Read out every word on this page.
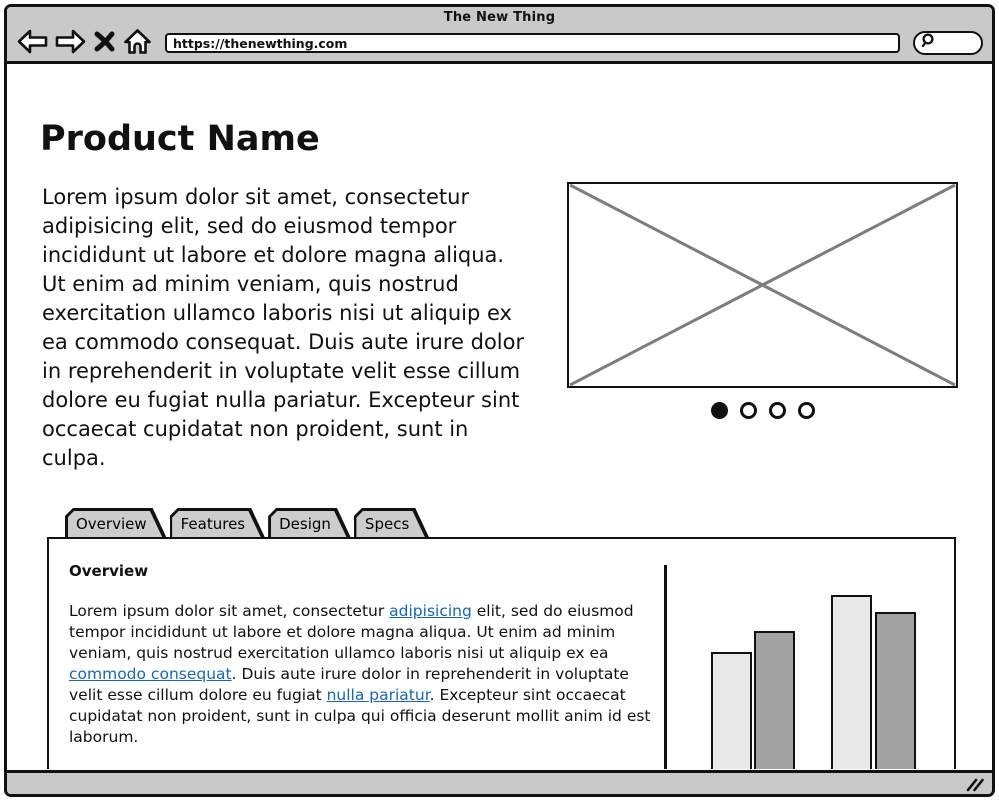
The New Thing
https://thenewthing.com
Product Name

Lorem ipsum dolor sit amet, consectetur adipisicing elit, sed do eiusmod tempor incididunt ut labore et dolore magna aliqua. Ut enim ad minim veniam, quis nostrud exercitation ullamco laboris nisi ut aliquip ex ea commodo consequat. Duis aute irure dolor in reprehenderit in voluptate velit esse cillum dolore eu fugiat nulla pariatur. Excepteur sint occaecat cupidatat non proident, sunt in culpa.

Overview Features Design Specs
Overview

Lorem ipsum dolor sit amet, consectetur adipisicing elit, sed do eiusmod tempor incididunt ut labore et dolore magna aliqua. Ut enim ad minim veniam, quis nostrud exercitation ullamco laboris nisi ut aliquip ex ea commodo consequat. Duis aute irure dolor in reprehenderit in voluptate velit esse cillum dolore eu fugiat nulla pariatur. Excepteur sint occaecat cupidatat non proident, sunt in culpa qui officia deserunt mollit anim id est laborum.
